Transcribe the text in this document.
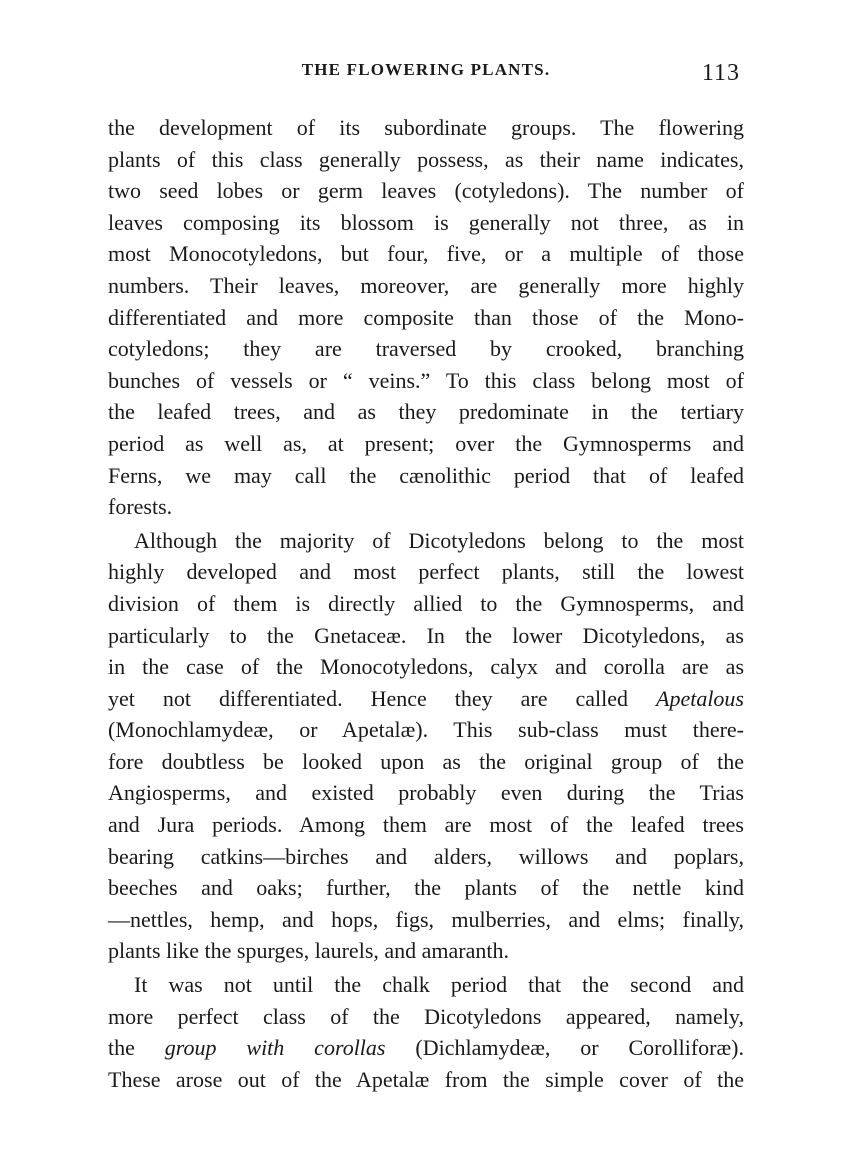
THE FLOWERING PLANTS.	113
the development of its subordinate groups. The flowering
plants of this class generally possess, as their name indicates,
two seed lobes or germ leaves (cotyledons). The number of
leaves composing its blossom is generally not three, as in
most Monocotyledons, but four, five, or a multiple of those
numbers. Their leaves, moreover, are generally more highly
differentiated and more composite than those of the Mono-
cotyledons; they are traversed by crooked, branching
bunches of vessels or “ veins.” To this class belong most of
the leafed trees, and as they predominate in the tertiary
period as well as, at present; over the Gymnosperms and
Ferns, we may call the cænolithic period that of leafed
forests.
Although the majority of Dicotyledons belong to the most
highly developed and most perfect plants, still the lowest
division of them is directly allied to the Gymnosperms, and
particularly to the Gnetaceæ. In the lower Dicotyledons, as
in the case of the Monocotyledons, calyx and corolla are as
yet not differentiated. Hence they are called Apetalous
(Monochlamydeæ, or Apetalæ). This sub-class must there-
fore doubtless be looked upon as the original group of the
Angiosperms, and existed probably even during the Trias
and Jura periods. Among them are most of the leafed trees
bearing catkins—birches and alders, willows and poplars,
beeches and oaks; further, the plants of the nettle kind
—nettles, hemp, and hops, figs, mulberries, and elms; finally,
plants like the spurges, laurels, and amaranth.
It was not until the chalk period that the second and
more perfect class of the Dicotyledons appeared, namely,
the group with corollas (Dichlamydeæ, or Corolliforæ).
These arose out of the Apetalæ from the simple cover of the
